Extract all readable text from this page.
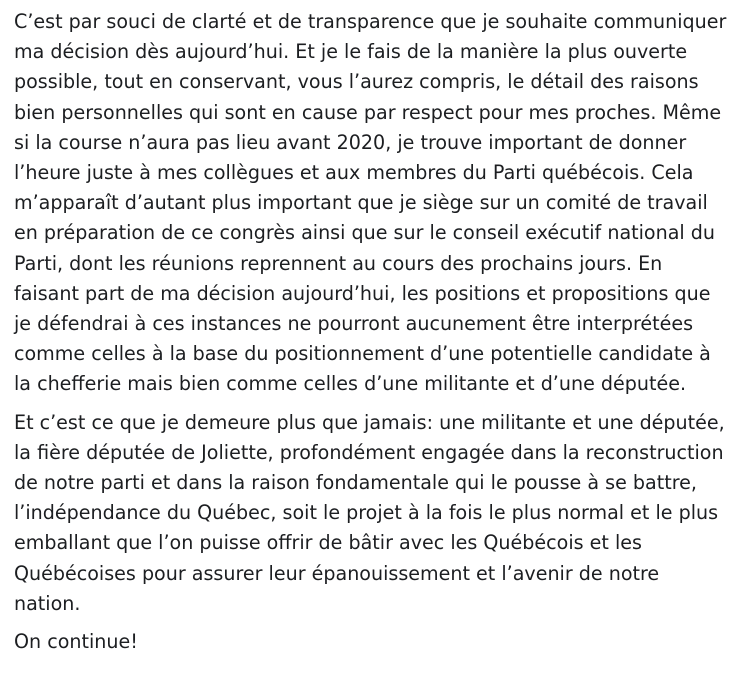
C’est par souci de clarté et de transparence que je souhaite communiquer ma décision dès aujourd’hui. Et je le fais de la manière la plus ouverte possible, tout en conservant, vous l’aurez compris, le détail des raisons bien personnelles qui sont en cause par respect pour mes proches. Même si la course n’aura pas lieu avant 2020, je trouve important de donner l’heure juste à mes collègues et aux membres du Parti québécois. Cela m’apparaît d’autant plus important que je siège sur un comité de travail en préparation de ce congrès ainsi que sur le conseil exécutif national du Parti, dont les réunions reprennent au cours des prochains jours. En faisant part de ma décision aujourd’hui, les positions et propositions que je défendrai à ces instances ne pourront aucunement être interprétées comme celles à la base du positionnement d’une potentielle candidate à la chefferie mais bien comme celles d’une militante et d’une députée.

Et c’est ce que je demeure plus que jamais: une militante et une députée, la fière députée de Joliette, profondément engagée dans la reconstruction de notre parti et dans la raison fondamentale qui le pousse à se battre, l’indépendance du Québec, soit le projet à la fois le plus normal et le plus emballant que l’on puisse offrir de bâtir avec les Québécois et les Québécoises pour assurer leur épanouissement et l’avenir de notre nation.

On continue!
